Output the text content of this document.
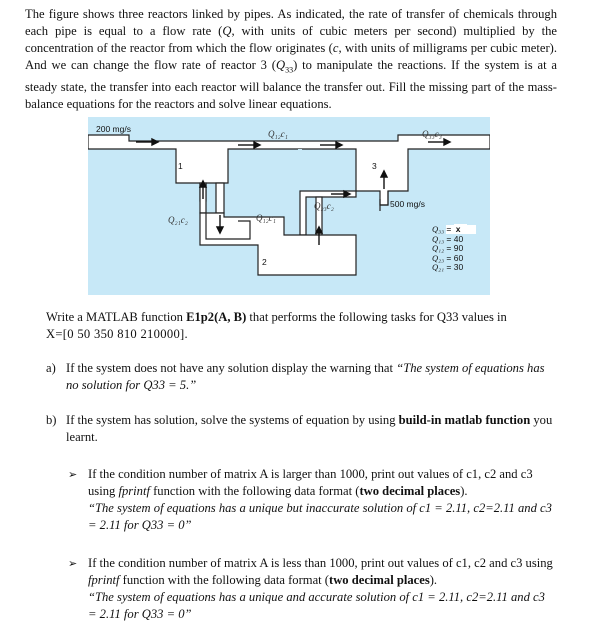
The figure shows three reactors linked by pipes. As indicated, the rate of transfer of chemicals through each pipe is equal to a flow rate (Q, with units of cubic meters per second) multiplied by the concentration of the reactor from which the flow originates (c, with units of milligrams per cubic meter). And we can change the flow rate of reactor 3 $(Q_{33})$ to manipulate the reactions. If the system is at a steady state, the transfer into each reactor will balance the transfer out. Fill the missing part of the mass-balance equations for the reactors and solve linear equations.
200 mg/s
1
2
3
500 mg/s
Q₁₂c₁	Q₃₃c₃
Q₂₁c₂	Q₁₂c₁
Q₂₃c₂
Q₃₃ = x
Q₁₃ = 40
Q₁₂ = 90
Q₂₃ = 60
Q₂₁ = 30
Write a MATLAB function E1p2(A, B) that performs the following tasks for Q33 values in
X=[0 50 350 810 210000].
a) If the system does not have any solution display the warning that “The system of equations has no solution for Q33 = 5.”
b) If the system has solution, solve the systems of equation by using build-in matlab function you learnt.
➢ If the condition number of matrix A is larger than 1000, print out values of c1, c2 and c3 using fprintf function with the following data format (two decimal places).
“The system of equations has a unique but inaccurate solution of c1 = 2.11, c2=2.11 and c3 = 2.11 for Q33 = 0”
➢ If the condition number of matrix A is less than 1000, print out values of c1, c2 and c3 using fprintf function with the following data format (two decimal places).
“The system of equations has a unique and accurate solution of c1 = 2.11, c2=2.11 and c3 = 2.11 for Q33 = 0”
